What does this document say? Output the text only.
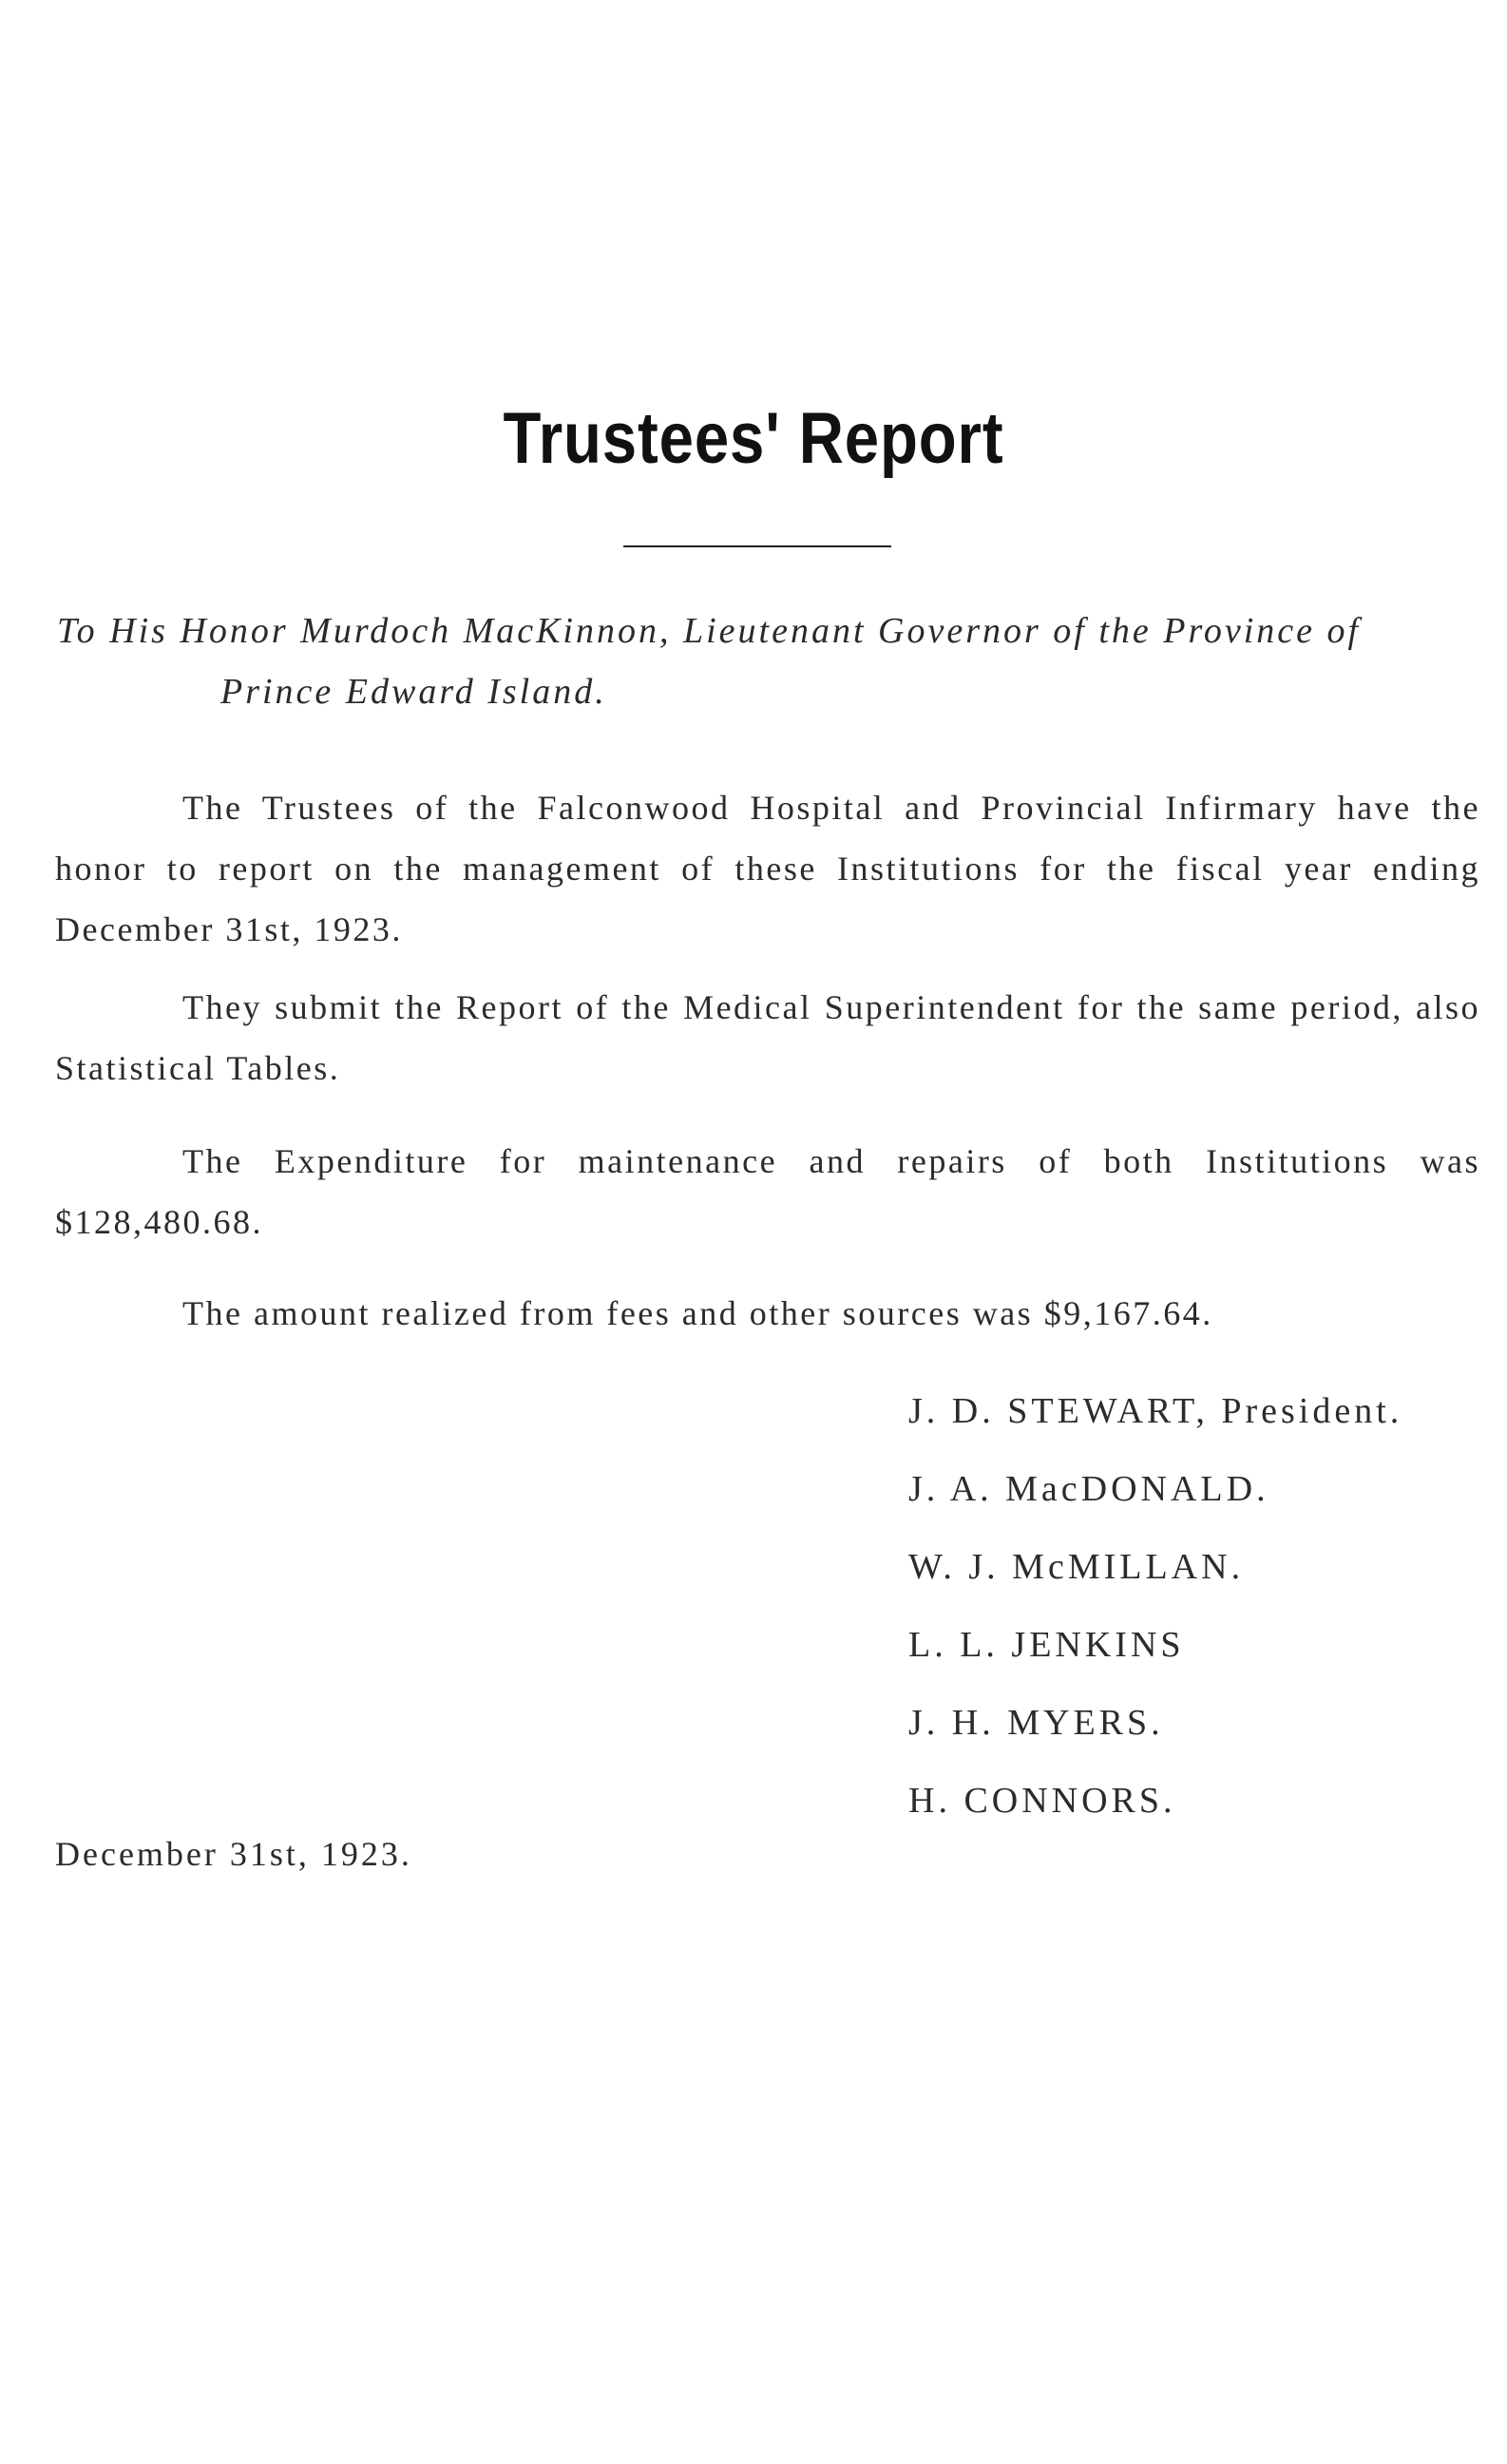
Trustees' Report
To His Honor Murdoch MacKinnon, Lieutenant Governor of the Province of
Prince Edward Island.
The Trustees of the Falconwood Hospital and Provincial Infirmary have the honor to report on the management of these Institutions for the fiscal year ending December 31st, 1923.
They submit the Report of the Medical Superintendent for the same period, also Statistical Tables.
The Expenditure for maintenance and repairs of both Institutions was $128,480.68.
The amount realized from fees and other sources was $9,167.64.
J. D. STEWART, President.
J. A. MacDONALD.
W. J. McMILLAN.
L. L. JENKINS
J. H. MYERS.
H. CONNORS.
December 31st, 1923.
